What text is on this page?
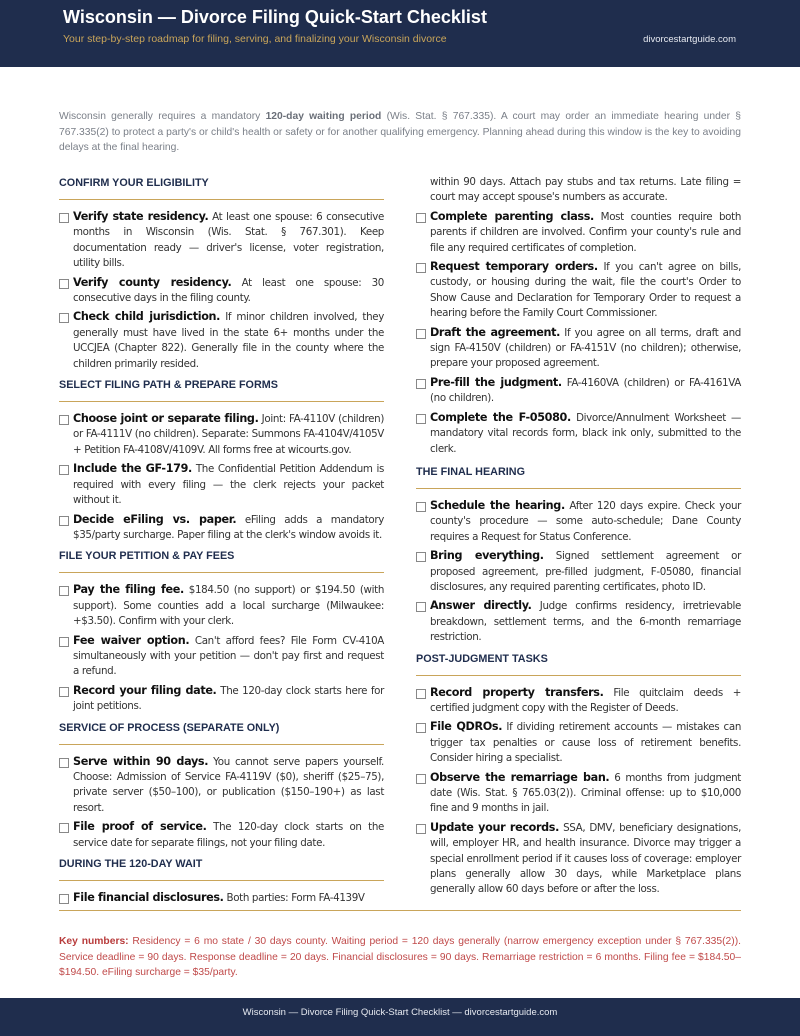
Wisconsin — Divorce Filing Quick-Start Checklist
Your step-by-step roadmap for filing, serving, and finalizing your Wisconsin divorce	divorcestartguide.com
Wisconsin generally requires a mandatory 120-day waiting period (Wis. Stat. § 767.335). A court may order an immediate hearing under § 767.335(2) to protect a party's or child's health or safety or for another qualifying emergency. Planning ahead during this window is the key to avoiding delays at the final hearing.
CONFIRM YOUR ELIGIBILITY
Verify state residency. At least one spouse: 6 consecutive months in Wisconsin (Wis. Stat. § 767.301). Keep documentation ready — driver's license, voter registration, utility bills.
Verify county residency. At least one spouse: 30 consecutive days in the filing county.
Check child jurisdiction. If minor children involved, they generally must have lived in the state 6+ months under the UCCJEA (Chapter 822). Generally file in the county where the children primarily resided.
SELECT FILING PATH & PREPARE FORMS
Choose joint or separate filing. Joint: FA-4110V (children) or FA-4111V (no children). Separate: Summons FA-4104V/4105V + Petition FA-4108V/4109V. All forms free at wicourts.gov.
Include the GF-179. The Confidential Petition Addendum is required with every filing — the clerk rejects your packet without it.
Decide eFiling vs. paper. eFiling adds a mandatory $35/party surcharge. Paper filing at the clerk's window avoids it.
FILE YOUR PETITION & PAY FEES
Pay the filing fee. $184.50 (no support) or $194.50 (with support). Some counties add a local surcharge (Milwaukee: +$3.50). Confirm with your clerk.
Fee waiver option. Can't afford fees? File Form CV-410A simultaneously with your petition — don't pay first and request a refund.
Record your filing date. The 120-day clock starts here for joint petitions.
SERVICE OF PROCESS (SEPARATE ONLY)
Serve within 90 days. You cannot serve papers yourself. Choose: Admission of Service FA-4119V ($0), sheriff ($25–75), private server ($50–100), or publication ($150–190+) as last resort.
File proof of service. The 120-day clock starts on the service date for separate filings, not your filing date.
DURING THE 120-DAY WAIT
File financial disclosures. Both parties: Form FA-4139V
within 90 days. Attach pay stubs and tax returns. Late filing = court may accept spouse's numbers as accurate.
Complete parenting class. Most counties require both parents if children are involved. Confirm your county's rule and file any required certificates of completion.
Request temporary orders. If you can't agree on bills, custody, or housing during the wait, file the court's Order to Show Cause and Declaration for Temporary Order to request a hearing before the Family Court Commissioner.
Draft the agreement. If you agree on all terms, draft and sign FA-4150V (children) or FA-4151V (no children); otherwise, prepare your proposed agreement.
Pre-fill the judgment. FA-4160VA (children) or FA-4161VA (no children).
Complete the F-05080. Divorce/Annulment Worksheet — mandatory vital records form, black ink only, submitted to the clerk.
THE FINAL HEARING
Schedule the hearing. After 120 days expire. Check your county's procedure — some auto-schedule; Dane County requires a Request for Status Conference.
Bring everything. Signed settlement agreement or proposed agreement, pre-filled judgment, F-05080, financial disclosures, any required parenting certificates, photo ID.
Answer directly. Judge confirms residency, irretrievable breakdown, settlement terms, and the 6-month remarriage restriction.
POST-JUDGMENT TASKS
Record property transfers. File quitclaim deeds + certified judgment copy with the Register of Deeds.
File QDROs. If dividing retirement accounts — mistakes can trigger tax penalties or cause loss of retirement benefits. Consider hiring a specialist.
Observe the remarriage ban. 6 months from judgment date (Wis. Stat. § 765.03(2)). Criminal offense: up to $10,000 fine and 9 months in jail.
Update your records. SSA, DMV, beneficiary designations, will, employer HR, and health insurance. Divorce may trigger a special enrollment period if it causes loss of coverage: employer plans generally allow 30 days, while Marketplace plans generally allow 60 days before or after the loss.
Key numbers: Residency = 6 mo state / 30 days county. Waiting period = 120 days generally (narrow emergency exception under § 767.335(2)). Service deadline = 90 days. Response deadline = 20 days. Financial disclosures = 90 days. Remarriage restriction = 6 months. Filing fee = $184.50–$194.50. eFiling surcharge = $35/party.
Wisconsin — Divorce Filing Quick-Start Checklist — divorcestartguide.com
